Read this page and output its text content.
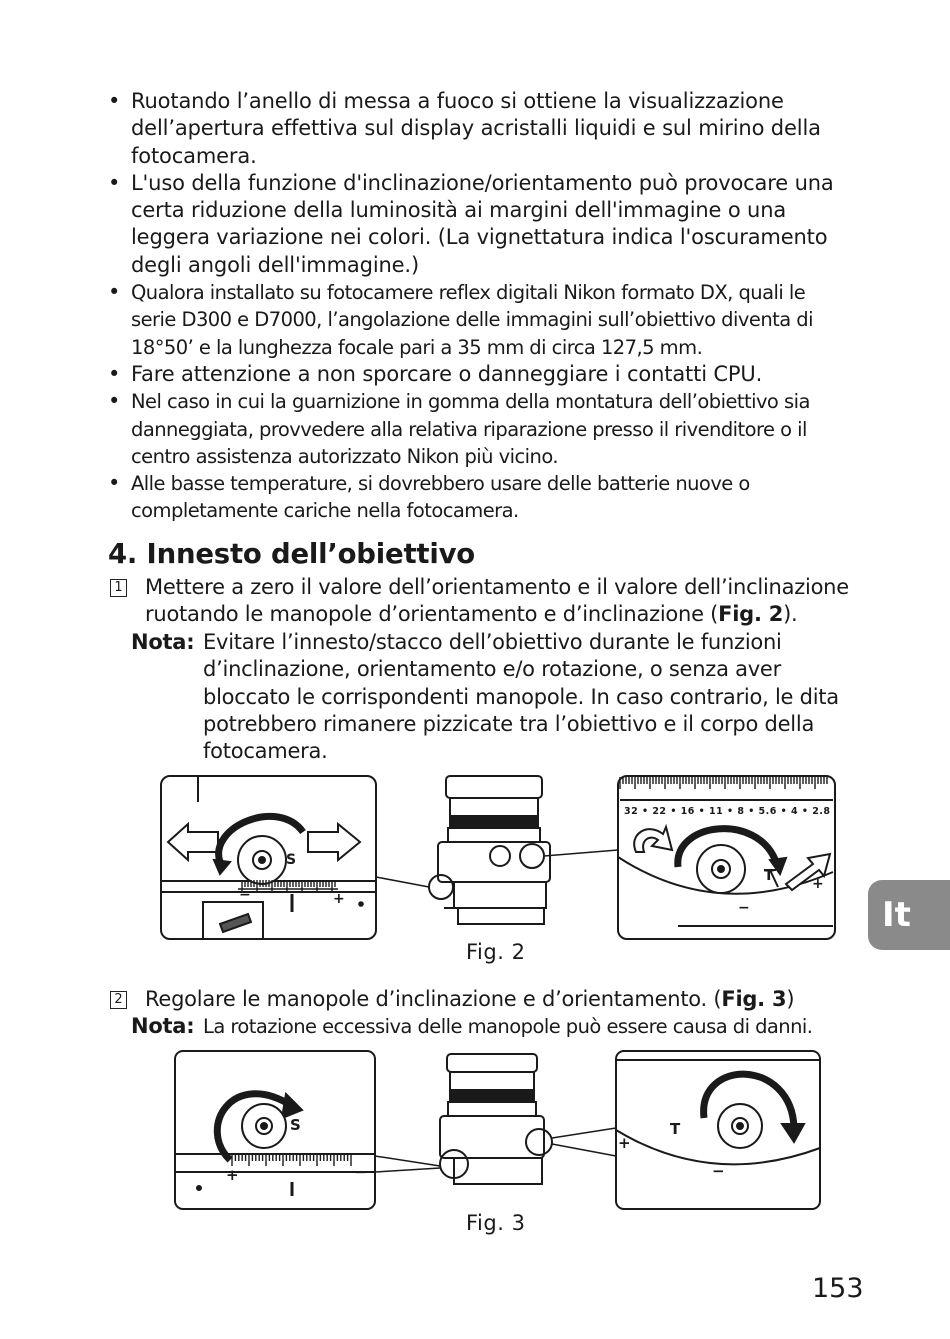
• Ruotando l’anello di messa a fuoco si ottiene la visualizzazione dell’apertura effettiva sul display acristalli liquidi e sul mirino della fotocamera.
• L'uso della funzione d'inclinazione/orientamento può provocare una certa riduzione della luminosità ai margini dell'immagine o una leggera variazione nei colori. (La vignettatura indica l'oscuramento degli angoli dell'immagine.)
• Qualora installato su fotocamere reflex digitali Nikon formato DX, quali le serie D300 e D7000, l’angolazione delle immagini sull’obiettivo diventa di 18°50’ e la lunghezza focale pari a 35 mm di circa 127,5 mm.
• Fare attenzione a non sporcare o danneggiare i contatti CPU.
• Nel caso in cui la guarnizione in gomma della montatura dell’obiettivo sia danneggiata, provvedere alla relativa riparazione presso il rivenditore o il centro assistenza autorizzato Nikon più vicino.
• Alle basse temperature, si dovrebbero usare delle batterie nuove o completamente cariche nella fotocamera.
4. Innesto dell’obiettivo
1	Mettere a zero il valore dell’orientamento e il valore dell’inclinazione ruotando le manopole d’orientamento e d’inclinazione (Fig. 2).
Nota: Evitare l’innesto/stacco dell’obiettivo durante le funzioni d’inclinazione, orientamento e/o rotazione, o senza aver bloccato le corrispondenti manopole. In caso contrario, le dita potrebbero rimanere pizzicate tra l’obiettivo e il corpo della fotocamera.
S
−	+
32 • 22 • 16 • 11 • 8 • 5.6 • 4 • 2.8
+
−
T
Fig. 2
2	Regolare le manopole d’inclinazione e d’orientamento. (Fig. 3)
Nota: La rotazione eccessiva delle manopole può essere causa di danni.
S
+	−
+
−
T
Fig. 3
It
153
